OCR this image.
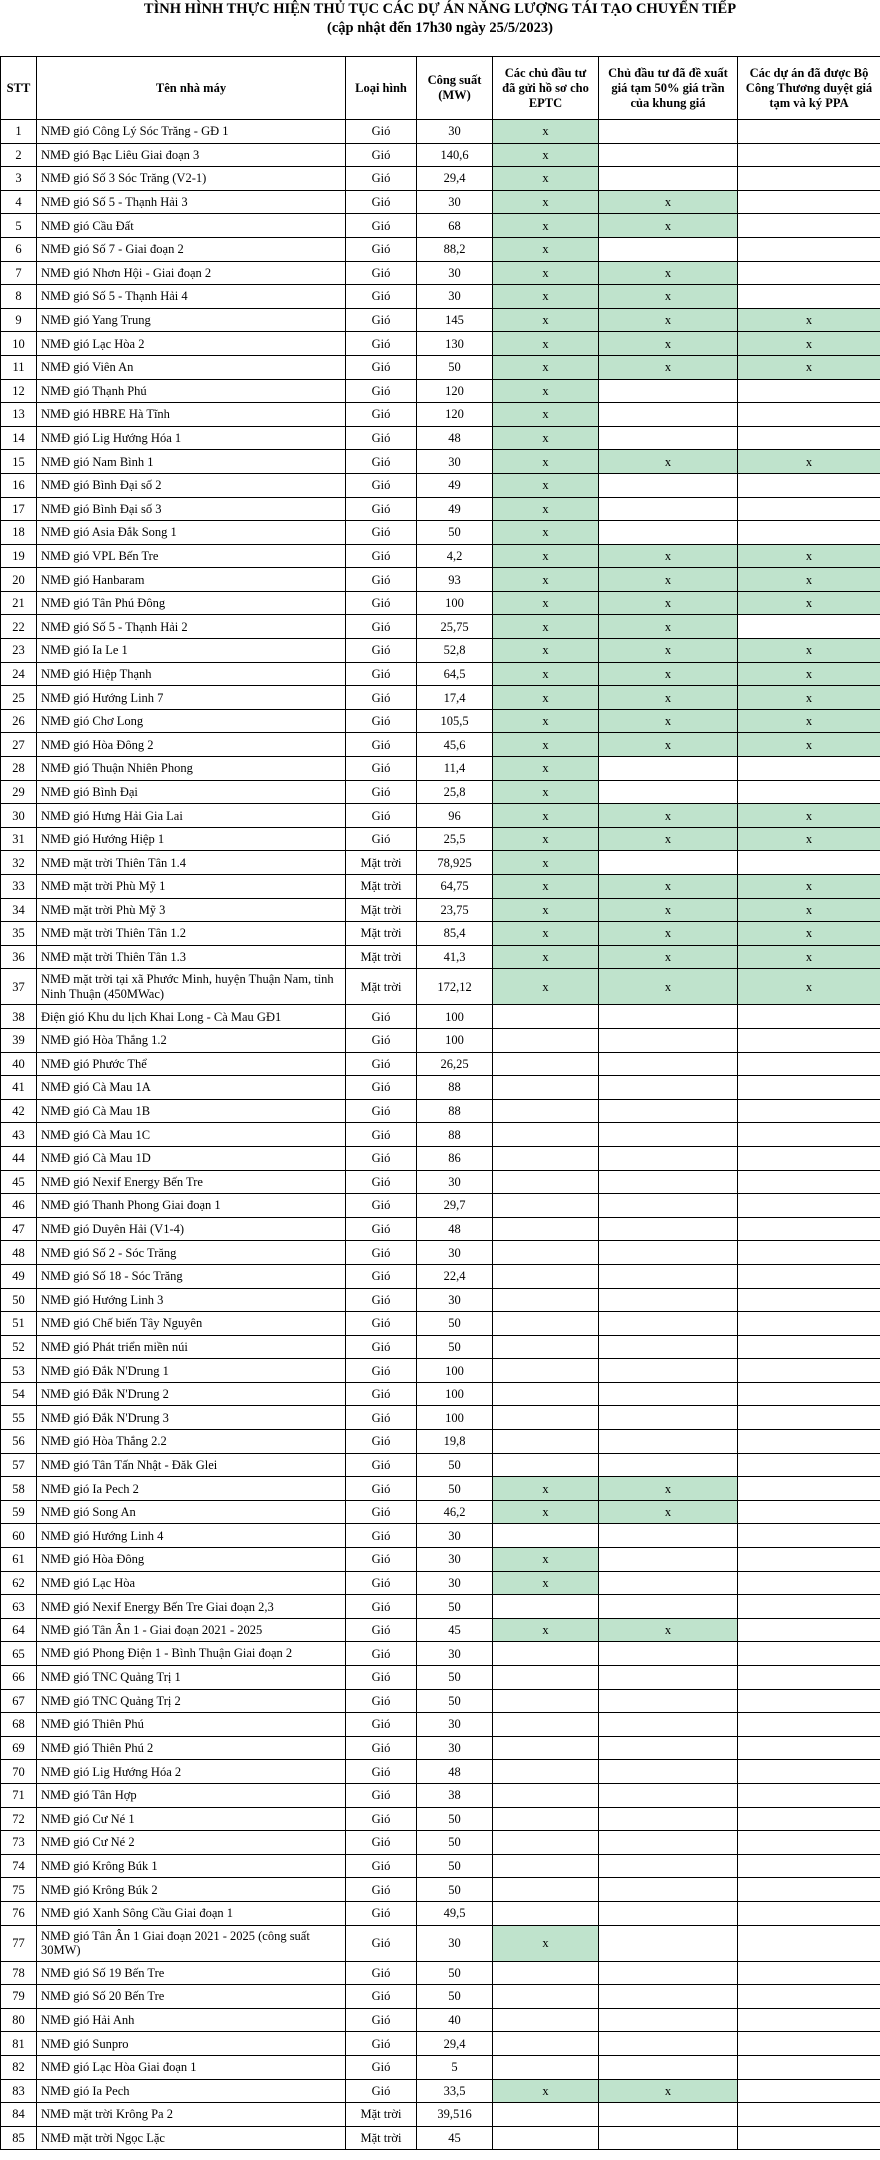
TÌNH HÌNH THỰC HIỆN THỦ TỤC CÁC DỰ ÁN NĂNG LƯỢNG TÁI TẠO CHUYỂN TIẾP
(cập nhật đến 17h30 ngày 25/5/2023)
STT	Tên nhà máy	Loại hình	Công suất (MW)	Các chủ đầu tư đã gửi hồ sơ cho EPTC	Chủ đầu tư đã đề xuất giá tạm 50% giá trần của khung giá	Các dự án đã được Bộ Công Thương duyệt giá tạm và ký PPA
1	NMĐ gió Công Lý Sóc Trăng - GĐ 1	Gió	30	x		
2	NMĐ gió Bạc Liêu Giai đoạn 3	Gió	140,6	x		
3	NMĐ gió Số 3 Sóc Trăng (V2-1)	Gió	29,4	x		
4	NMĐ gió Số 5 - Thạnh Hải 3	Gió	30	x	x	
5	NMĐ gió Cầu Đất	Gió	68	x	x	
6	NMĐ gió Số 7 - Giai đoạn 2	Gió	88,2	x		
7	NMĐ gió Nhơn Hội - Giai đoạn 2	Gió	30	x	x	
8	NMĐ gió Số 5 - Thạnh Hải 4	Gió	30	x	x	
9	NMĐ gió Yang Trung	Gió	145	x	x	x
10	NMĐ gió Lạc Hòa 2	Gió	130	x	x	x
11	NMĐ gió Viên An	Gió	50	x	x	x
12	NMĐ gió Thạnh Phú	Gió	120	x		
13	NMĐ gió HBRE Hà Tĩnh	Gió	120	x		
14	NMĐ gió Lig Hướng Hóa 1	Gió	48	x		
15	NMĐ gió Nam Bình 1	Gió	30	x	x	x
16	NMĐ gió Bình Đại số 2	Gió	49	x		
17	NMĐ gió Bình Đại số 3	Gió	49	x		
18	NMĐ gió Asia Đắk Song 1	Gió	50	x		
19	NMĐ gió VPL Bến Tre	Gió	4,2	x	x	x
20	NMĐ gió Hanbaram	Gió	93	x	x	x
21	NMĐ gió Tân Phú Đông	Gió	100	x	x	x
22	NMĐ gió Số 5 - Thạnh Hải 2	Gió	25,75	x	x	
23	NMĐ gió Ia Le 1	Gió	52,8	x	x	x
24	NMĐ gió Hiệp Thạnh	Gió	64,5	x	x	x
25	NMĐ gió Hướng Linh 7	Gió	17,4	x	x	x
26	NMĐ gió Chơ Long	Gió	105,5	x	x	x
27	NMĐ gió Hòa Đông 2	Gió	45,6	x	x	x
28	NMĐ gió Thuận Nhiên Phong	Gió	11,4	x		
29	NMĐ gió Bình Đại	Gió	25,8	x		
30	NMĐ gió Hưng Hải Gia Lai	Gió	96	x	x	x
31	NMĐ gió Hướng Hiệp 1	Gió	25,5	x	x	x
32	NMĐ mặt trời Thiên Tân 1.4	Mặt trời	78,925	x		
33	NMĐ mặt trời Phù Mỹ 1	Mặt trời	64,75	x	x	x
34	NMĐ mặt trời Phù Mỹ 3	Mặt trời	23,75	x	x	x
35	NMĐ mặt trời Thiên Tân 1.2	Mặt trời	85,4	x	x	x
36	NMĐ mặt trời Thiên Tân 1.3	Mặt trời	41,3	x	x	x
37	NMĐ mặt trời tại xã Phước Minh, huyện Thuận Nam, tỉnh Ninh Thuận (450MWac)	Mặt trời	172,12	x	x	x
38	Điện gió Khu du lịch Khai Long - Cà Mau GĐ1	Gió	100			
39	NMĐ gió Hòa Thắng 1.2	Gió	100			
40	NMĐ gió Phước Thể	Gió	26,25			
41	NMĐ gió Cà Mau 1A	Gió	88			
42	NMĐ gió Cà Mau 1B	Gió	88			
43	NMĐ gió Cà Mau 1C	Gió	88			
44	NMĐ gió Cà Mau 1D	Gió	86			
45	NMĐ gió Nexif Energy Bến Tre	Gió	30			
46	NMĐ gió Thanh Phong Giai đoạn 1	Gió	29,7			
47	NMĐ gió Duyên Hải (V1-4)	Gió	48			
48	NMĐ gió Số 2 - Sóc Trăng	Gió	30			
49	NMĐ gió Số 18 - Sóc Trăng	Gió	22,4			
50	NMĐ gió Hướng Linh 3	Gió	30			
51	NMĐ gió Chế biến Tây Nguyên	Gió	50			
52	NMĐ gió Phát triển miền núi	Gió	50			
53	NMĐ gió Đắk N'Drung 1	Gió	100			
54	NMĐ gió Đắk N'Drung 2	Gió	100			
55	NMĐ gió Đắk N'Drung 3	Gió	100			
56	NMĐ gió Hòa Thắng 2.2	Gió	19,8			
57	NMĐ gió Tân Tấn Nhật - Đăk Glei	Gió	50			
58	NMĐ gió Ia Pech 2	Gió	50	x	x	
59	NMĐ gió Song An	Gió	46,2	x	x	
60	NMĐ gió Hướng Linh 4	Gió	30			
61	NMĐ gió Hòa Đông	Gió	30	x		
62	NMĐ gió Lạc Hòa	Gió	30	x		
63	NMĐ gió Nexif Energy Bến Tre Giai đoạn 2,3	Gió	50			
64	NMĐ gió Tân Ân 1 - Giai đoạn 2021 - 2025	Gió	45	x	x	
65	NMĐ gió Phong Điện 1 - Bình Thuận Giai đoạn 2	Gió	30			
66	NMĐ gió TNC Quảng Trị 1	Gió	50			
67	NMĐ gió TNC Quảng Trị 2	Gió	50			
68	NMĐ gió Thiên Phú	Gió	30			
69	NMĐ gió Thiên Phú 2	Gió	30			
70	NMĐ gió Lig Hướng Hóa 2	Gió	48			
71	NMĐ gió Tân Hợp	Gió	38			
72	NMĐ gió Cư Né 1	Gió	50			
73	NMĐ gió Cư Né 2	Gió	50			
74	NMĐ gió Krông Búk 1	Gió	50			
75	NMĐ gió Krông Búk 2	Gió	50			
76	NMĐ gió Xanh Sông Cầu Giai đoạn 1	Gió	49,5			
77	NMĐ gió Tân Ân 1 Giai đoạn 2021 - 2025 (công suất 30MW)	Gió	30	x		
78	NMĐ gió Số 19 Bến Tre	Gió	50			
79	NMĐ gió Số 20 Bến Tre	Gió	50			
80	NMĐ gió Hải Anh	Gió	40			
81	NMĐ gió Sunpro	Gió	29,4			
82	NMĐ gió Lạc Hòa Giai đoạn 1	Gió	5			
83	NMĐ gió Ia Pech	Gió	33,5	x	x	
84	NMĐ mặt trời Krông Pa 2	Mặt trời	39,516			
85	NMĐ mặt trời Ngọc Lặc	Mặt trời	45			
